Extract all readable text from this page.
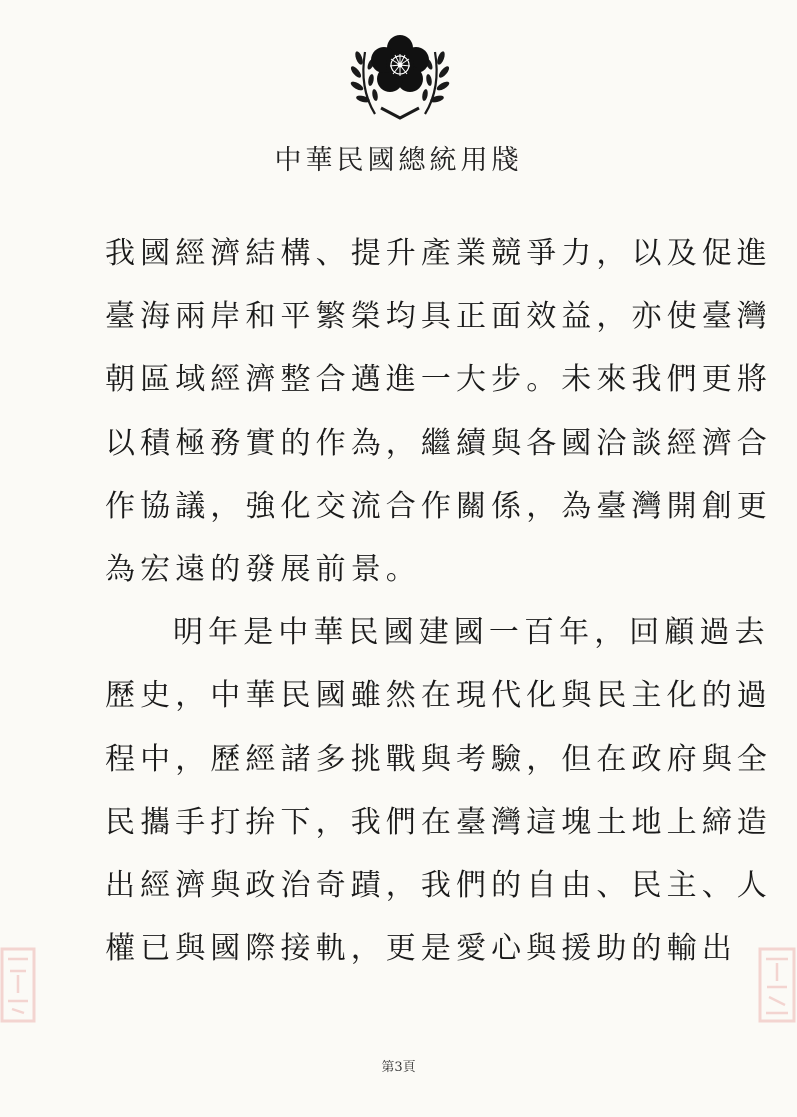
中華民國總統用牋
我國經濟結構、提升產業競爭力，以及促進
臺海兩岸和平繁榮均具正面效益，亦使臺灣
朝區域經濟整合邁進一大步。未來我們更將
以積極務實的作為，繼續與各國洽談經濟合
作協議，強化交流合作關係，為臺灣開創更
為宏遠的發展前景。
明年是中華民國建國一百年，回顧過去
歷史，中華民國雖然在現代化與民主化的過
程中，歷經諸多挑戰與考驗，但在政府與全
民攜手打拚下，我們在臺灣這塊土地上締造
出經濟與政治奇蹟，我們的自由、民主、人
權已與國際接軌，更是愛心與援助的輸出
第3頁
